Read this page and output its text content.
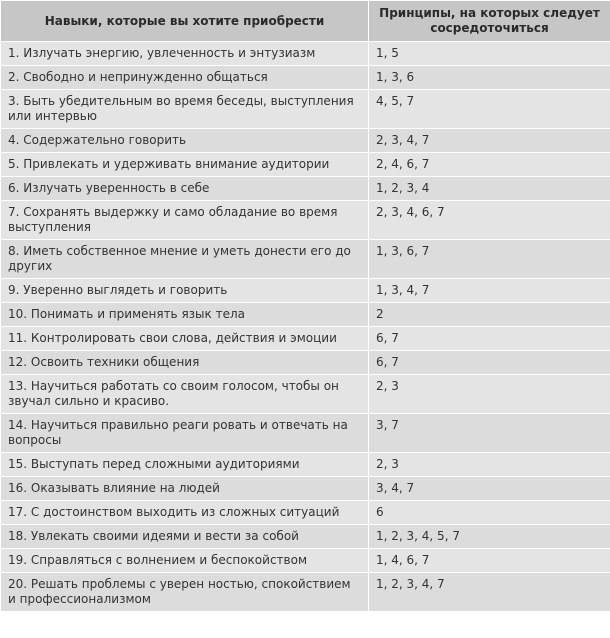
Навыки, которые вы хотите приобрести	Принципы, на которых следует сосредоточиться
1. Излучать энергию, увлеченность и энтузиазм	1, 5
2. Свободно и непринужденно общаться	1, 3, 6
3. Быть убедительным во время беседы, выступления или интервью	4, 5, 7
4. Содержательно говорить	2, 3, 4, 7
5. Привлекать и удерживать внимание аудитории	2, 4, 6, 7
6. Излучать уверенность в себе	1, 2, 3, 4
7. Сохранять выдержку и само обладание во время выступления	2, 3, 4, 6, 7
8. Иметь собственное мнение и уметь донести его до других	1, 3, 6, 7
9. Уверенно выглядеть и говорить	1, 3, 4, 7
10. Понимать и применять язык тела	2
11. Контролировать свои слова, действия и эмоции	6, 7
12. Освоить техники общения	6, 7
13. Научиться работать со своим голосом, чтобы он звучал сильно и красиво.	2, 3
14. Научиться правильно реаги ровать и отвечать на вопросы	3, 7
15. Выступать перед сложными аудиториями	2, 3
16. Оказывать влияние на людей	3, 4, 7
17. С достоинством выходить из сложных ситуаций	6
18. Увлекать своими идеями и вести за собой	1, 2, 3, 4, 5, 7
19. Справляться с волнением и беспокойством	1, 4, 6, 7
20. Решать проблемы с уверен ностью, спокойствием и профессионализмом	1, 2, 3, 4, 7
